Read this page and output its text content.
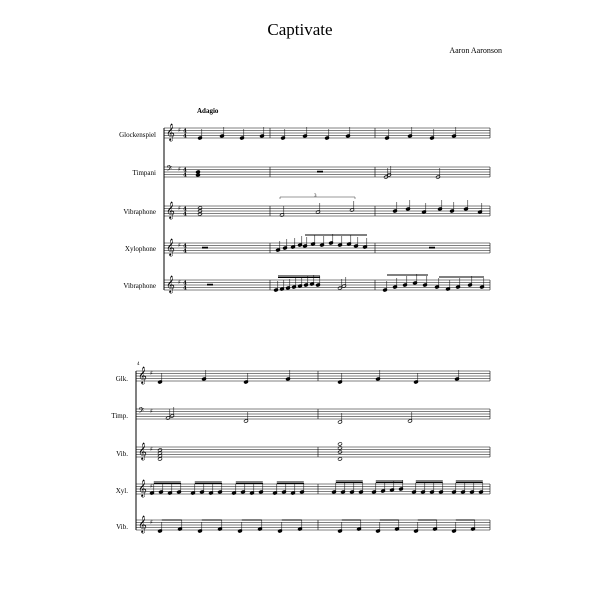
Captivate
Aaron Aaronson
Adagio
Glockenspiel
Timpani
Vibraphone
Xylophone
Vibraphone
Glk.
Timp.
Vib.
Xyl.
Vib.
4
𝄞 ♯ 4
4
𝄢 ♯ 4
4
𝄞 ♯ 4
4
𝄞 ♯ 4
4
𝄞 ♯ 4
4
𝄞 ♯
𝄢 ♯
𝄞 ♯
𝄞 ♯
𝄞 ♯
3
